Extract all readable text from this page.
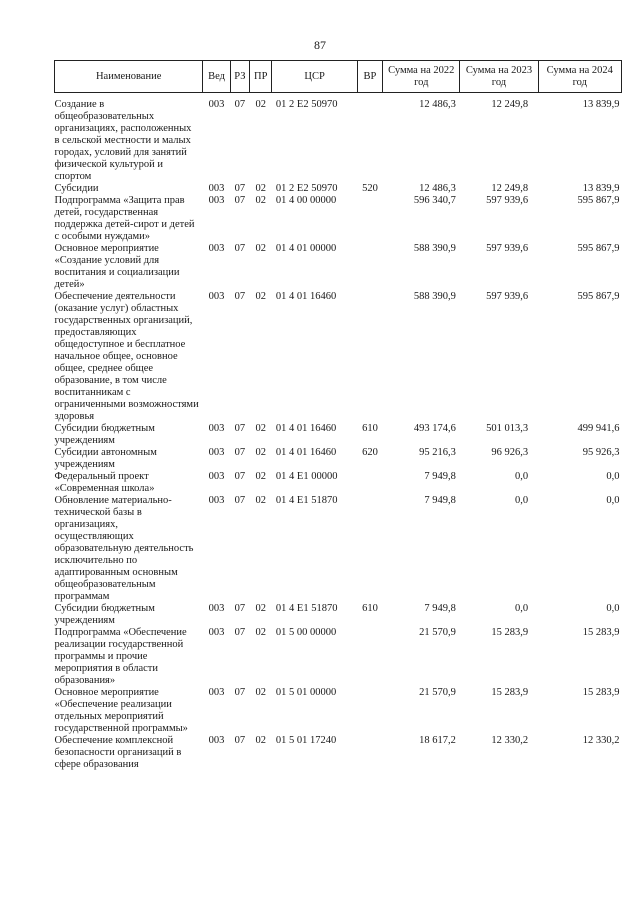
87
Наименование	Вед	РЗ	ПР	ЦСР	ВР	Сумма на 2022 год	Сумма на 2023 год	Сумма на 2024 год

Создание в общеобразовательных организациях, расположенных в сельской местности и малых городах, условий для занятий физической культурой и спортом	003	07	02	01 2 Е2 50970		12 486,3	12 249,8	13 839,9
Субсидии	003	07	02	01 2 Е2 50970	520	12 486,3	12 249,8	13 839,9
Подпрограмма «Защита прав детей, государственная поддержка детей-сирот и детей с особыми нуждами»	003	07	02	01 4 00 00000		596 340,7	597 939,6	595 867,9
Основное мероприятие «Создание условий для воспитания и социализации детей»	003	07	02	01 4 01 00000		588 390,9	597 939,6	595 867,9
Обеспечение деятельности (оказание услуг) областных государственных организаций, предоставляющих общедоступное и бесплатное начальное общее, основное общее, среднее общее образование, в том числе воспитанникам с ограниченными возможностями здоровья	003	07	02	01 4 01 16460		588 390,9	597 939,6	595 867,9
Субсидии бюджетным учреждениям	003	07	02	01 4 01 16460	610	493 174,6	501 013,3	499 941,6
Субсидии автономным учреждениям	003	07	02	01 4 01 16460	620	95 216,3	96 926,3	95 926,3
Федеральный проект «Современная школа»	003	07	02	01 4 Е1 00000		7 949,8	0,0	0,0
Обновление материально-технической базы в организациях, осуществляющих образовательную деятельность исключительно по адаптированным основным общеобразовательным программам	003	07	02	01 4 Е1 51870		7 949,8	0,0	0,0
Субсидии бюджетным учреждениям	003	07	02	01 4 Е1 51870	610	7 949,8	0,0	0,0
Подпрограмма «Обеспечение реализации государственной программы и прочие мероприятия в области образования»	003	07	02	01 5 00 00000		21 570,9	15 283,9	15 283,9
Основное мероприятие «Обеспечение реализации отдельных мероприятий государственной программы»	003	07	02	01 5 01 00000		21 570,9	15 283,9	15 283,9
Обеспечение комплексной безопасности организаций в сфере образования	003	07	02	01 5 01 17240		18 617,2	12 330,2	12 330,2
